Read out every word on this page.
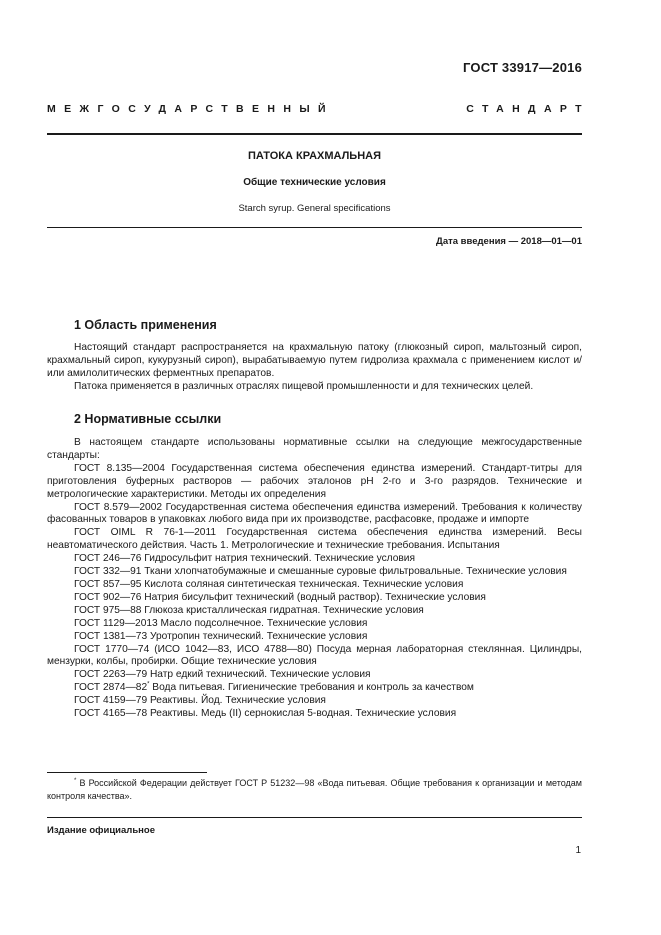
ГОСТ 33917—2016
МЕЖГОСУДАРСТВЕННЫЙ	СТАНДАРТ
ПАТОКА КРАХМАЛЬНАЯ
Общие технические условия
Starch syrup. General specifications
Дата введения — 2018—01—01
1 Область применения

Настоящий стандарт распространяется на крахмальную патоку (глюкозный сироп, мальтозный сироп, крахмальный сироп, кукурузный сироп), вырабатываемую путем гидролиза крахмала с применением кислот и/или амилолитических ферментных препаратов.

Патока применяется в различных отраслях пищевой промышленности и для технических целей.

2 Нормативные ссылки

В настоящем стандарте использованы нормативные ссылки на следующие межгосударственные стандарты:

ГОСТ 8.135—2004 Государственная система обеспечения единства измерений. Стандарт-титры для приготовления буферных растворов — рабочих эталонов pH 2-го и 3-го разрядов. Технические и метрологические характеристики. Методы их определения

ГОСТ 8.579—2002 Государственная система обеспечения единства измерений. Требования к количеству фасованных товаров в упаковках любого вида при их производстве, расфасовке, продаже и импорте

ГОСТ OIML R 76-1—2011 Государственная система обеспечения единства измерений. Весы неавтоматического действия. Часть 1. Метрологические и технические требования. Испытания

ГОСТ 246—76 Гидросульфит натрия технический. Технические условия

ГОСТ 332—91 Ткани хлопчатобумажные и смешанные суровые фильтровальные. Технические условия

ГОСТ 857—95 Кислота соляная синтетическая техническая. Технические условия

ГОСТ 902—76 Натрия бисульфит технический (водный раствор). Технические условия

ГОСТ 975—88 Глюкоза кристаллическая гидратная. Технические условия

ГОСТ 1129—2013 Масло подсолнечное. Технические условия

ГОСТ 1381—73 Уротропин технический. Технические условия

ГОСТ 1770—74 (ИСО 1042—83, ИСО 4788—80) Посуда мерная лабораторная стеклянная. Цилиндры, мензурки, колбы, пробирки. Общие технические условия

ГОСТ 2263—79 Натр едкий технический. Технические условия

ГОСТ 2874—82* Вода питьевая. Гигиенические требования и контроль за качеством

ГОСТ 4159—79 Реактивы. Йод. Технические условия

ГОСТ 4165—78 Реактивы. Медь (II) сернокислая 5-водная. Технические условия

* В Российской Федерации действует ГОСТ Р 51232—98 «Вода питьевая. Общие требования к организации и методам контроля качества».

Издание официальное
1
